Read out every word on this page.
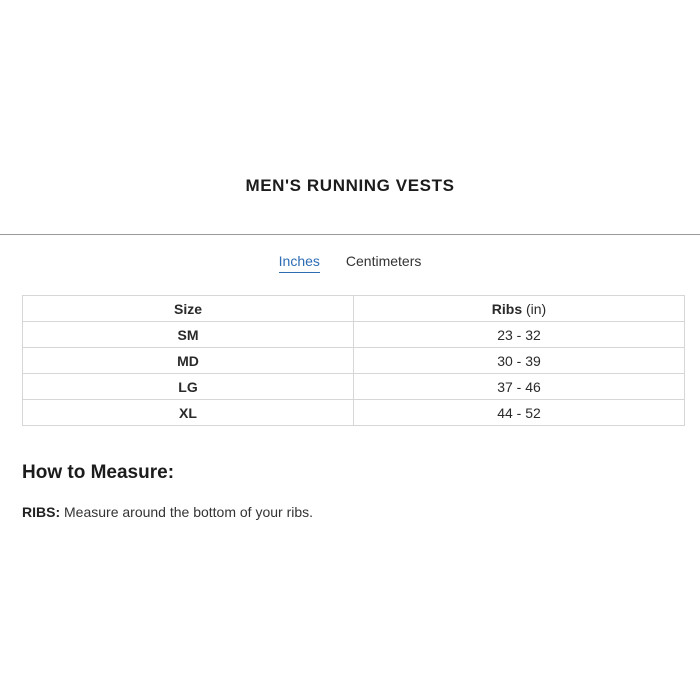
MEN'S RUNNING VESTS
Inches Centimeters
Size	Ribs (in)
SM	23 - 32
MD	30 - 39
LG	37 - 46
XL	44 - 52
How to Measure:
RIBS: Measure around the bottom of your ribs.
